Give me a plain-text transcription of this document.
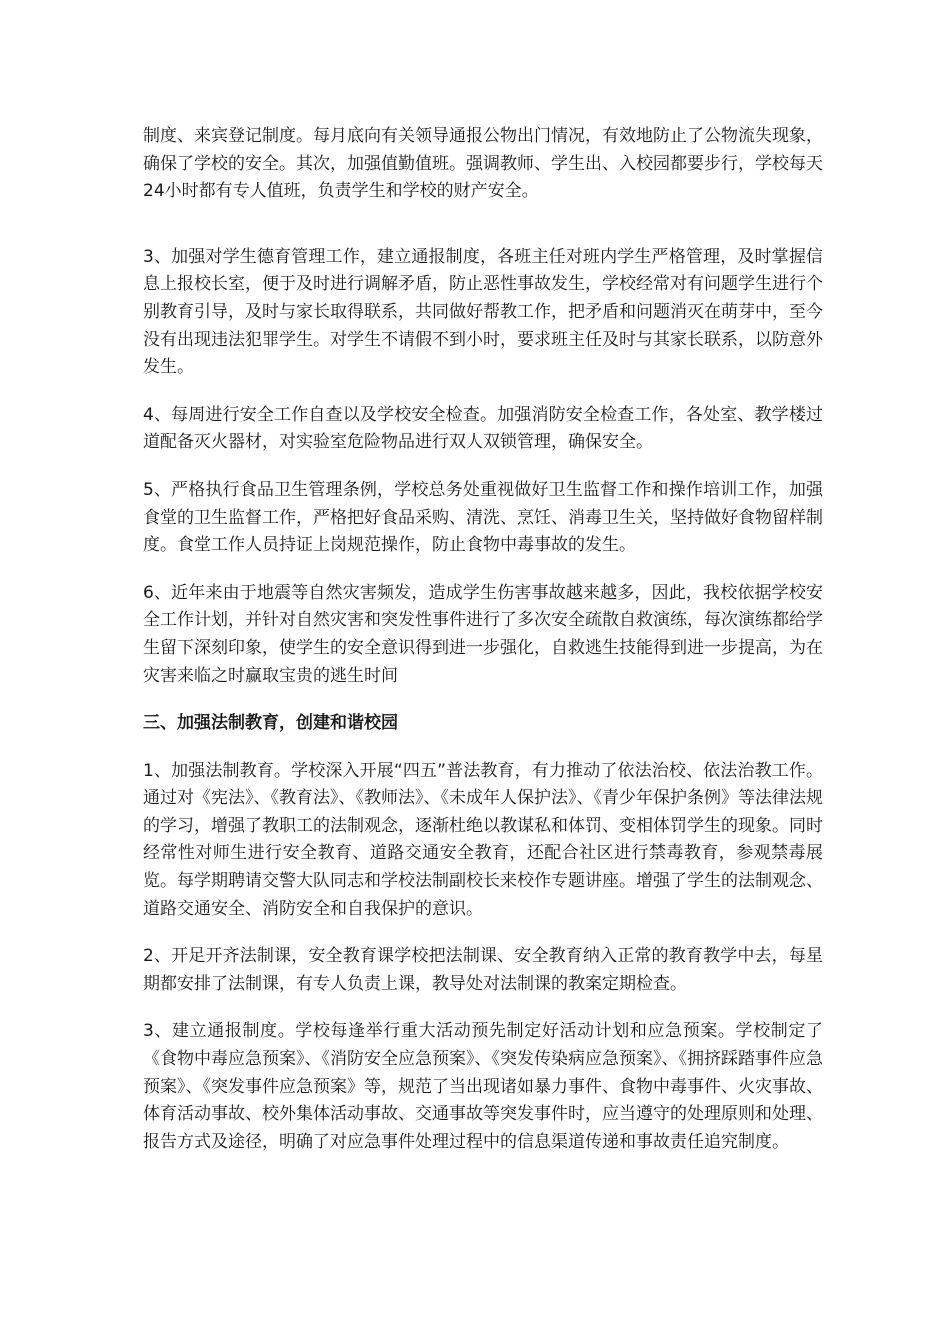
制度、来宾登记制度。每月底向有关领导通报公物出门情况，有效地防止了公物流失现象，确保了学校的安全。其次，加强值勤值班。强调教师、学生出、入校园都要步行，学校每天24小时都有专人值班，负责学生和学校的财产安全。

3、加强对学生德育管理工作，建立通报制度，各班主任对班内学生严格管理，及时掌握信息上报校长室，便于及时进行调解矛盾，防止恶性事故发生，学校经常对有问题学生进行个别教育引导，及时与家长取得联系，共同做好帮教工作，把矛盾和问题消灭在萌芽中，至今没有出现违法犯罪学生。对学生不请假不到小时，要求班主任及时与其家长联系，以防意外发生。

4、每周进行安全工作自查以及学校安全检查。加强消防安全检查工作，各处室、教学楼过道配备灭火器材，对实验室危险物品进行双人双锁管理，确保安全。

5、严格执行食品卫生管理条例，学校总务处重视做好卫生监督工作和操作培训工作，加强食堂的卫生监督工作，严格把好食品采购、清洗、烹饪、消毒卫生关，坚持做好食物留样制度。食堂工作人员持证上岗规范操作，防止食物中毒事故的发生。

6、近年来由于地震等自然灾害频发，造成学生伤害事故越来越多，因此，我校依据学校安全工作计划，并针对自然灾害和突发性事件进行了多次安全疏散自救演练，每次演练都给学生留下深刻印象，使学生的安全意识得到进一步强化，自救逃生技能得到进一步提高，为在灾害来临之时赢取宝贵的逃生时间

三、加强法制教育，创建和谐校园

1、加强法制教育。学校深入开展“四五”普法教育，有力推动了依法治校、依法治教工作。通过对《宪法》、《教育法》、《教师法》、《未成年人保护法》、《青少年保护条例》等法律法规的学习，增强了教职工的法制观念，逐渐杜绝以教谋私和体罚、变相体罚学生的现象。同时经常性对师生进行安全教育、道路交通安全教育，还配合社区进行禁毒教育，参观禁毒展览。每学期聘请交警大队同志和学校法制副校长来校作专题讲座。增强了学生的法制观念、道路交通安全、消防安全和自我保护的意识。

2、开足开齐法制课，安全教育课学校把法制课、安全教育纳入正常的教育教学中去，每星期都安排了法制课，有专人负责上课，教导处对法制课的教案定期检查。

3、建立通报制度。学校每逢举行重大活动预先制定好活动计划和应急预案。学校制定了《食物中毒应急预案》、《消防安全应急预案》、《突发传染病应急预案》、《拥挤踩踏事件应急预案》、《突发事件应急预案》等，规范了当出现诸如暴力事件、食物中毒事件、火灾事故、体育活动事故、校外集体活动事故、交通事故等突发事件时，应当遵守的处理原则和处理、报告方式及途径，明确了对应急事件处理过程中的信息渠道传递和事故责任追究制度。
